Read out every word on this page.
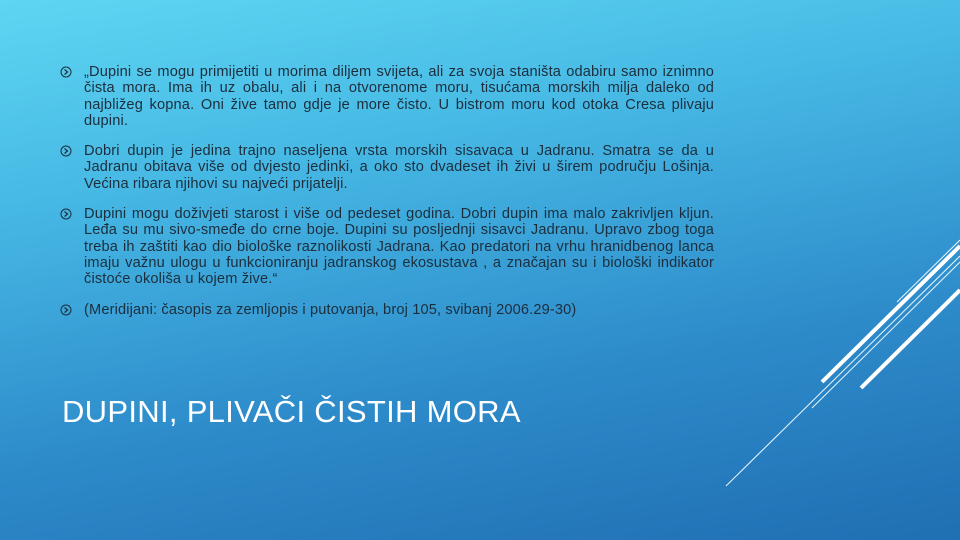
„Dupini se mogu primijetiti u morima diljem svijeta, ali za svoja staništa odabiru samo iznimno čista mora. Ima ih uz obalu, ali i na otvorenome moru, tisućama morskih milja daleko od najbližeg kopna. Oni žive tamo gdje je more čisto. U bistrom moru kod otoka Cresa plivaju dupini.
Dobri dupin je jedina trajno naseljena vrsta morskih sisavaca u Jadranu. Smatra se da u Jadranu obitava više od dvjesto jedinki, a oko sto dvadeset ih živi u širem području Lošinja. Većina ribara njihovi su najveći prijatelji.
Dupini mogu doživjeti starost i više od pedeset godina. Dobri dupin ima malo zakrivljen kljun. Leđa su mu sivo-smeđe do crne boje. Dupini su posljednji sisavci Jadranu. Upravo zbog toga treba ih zaštiti kao dio biološke raznolikosti Jadrana. Kao predatori na vrhu hranidbenog lanca imaju važnu ulogu u funkcioniranju jadranskog ekosustava , a značajan su i biološki indikator čistoće okoliša u kojem žive.“
(Meridijani: časopis za zemljopis i putovanja, broj 105, svibanj 2006.29-30)
DUPINI, PLIVAČI ČISTIH MORA
